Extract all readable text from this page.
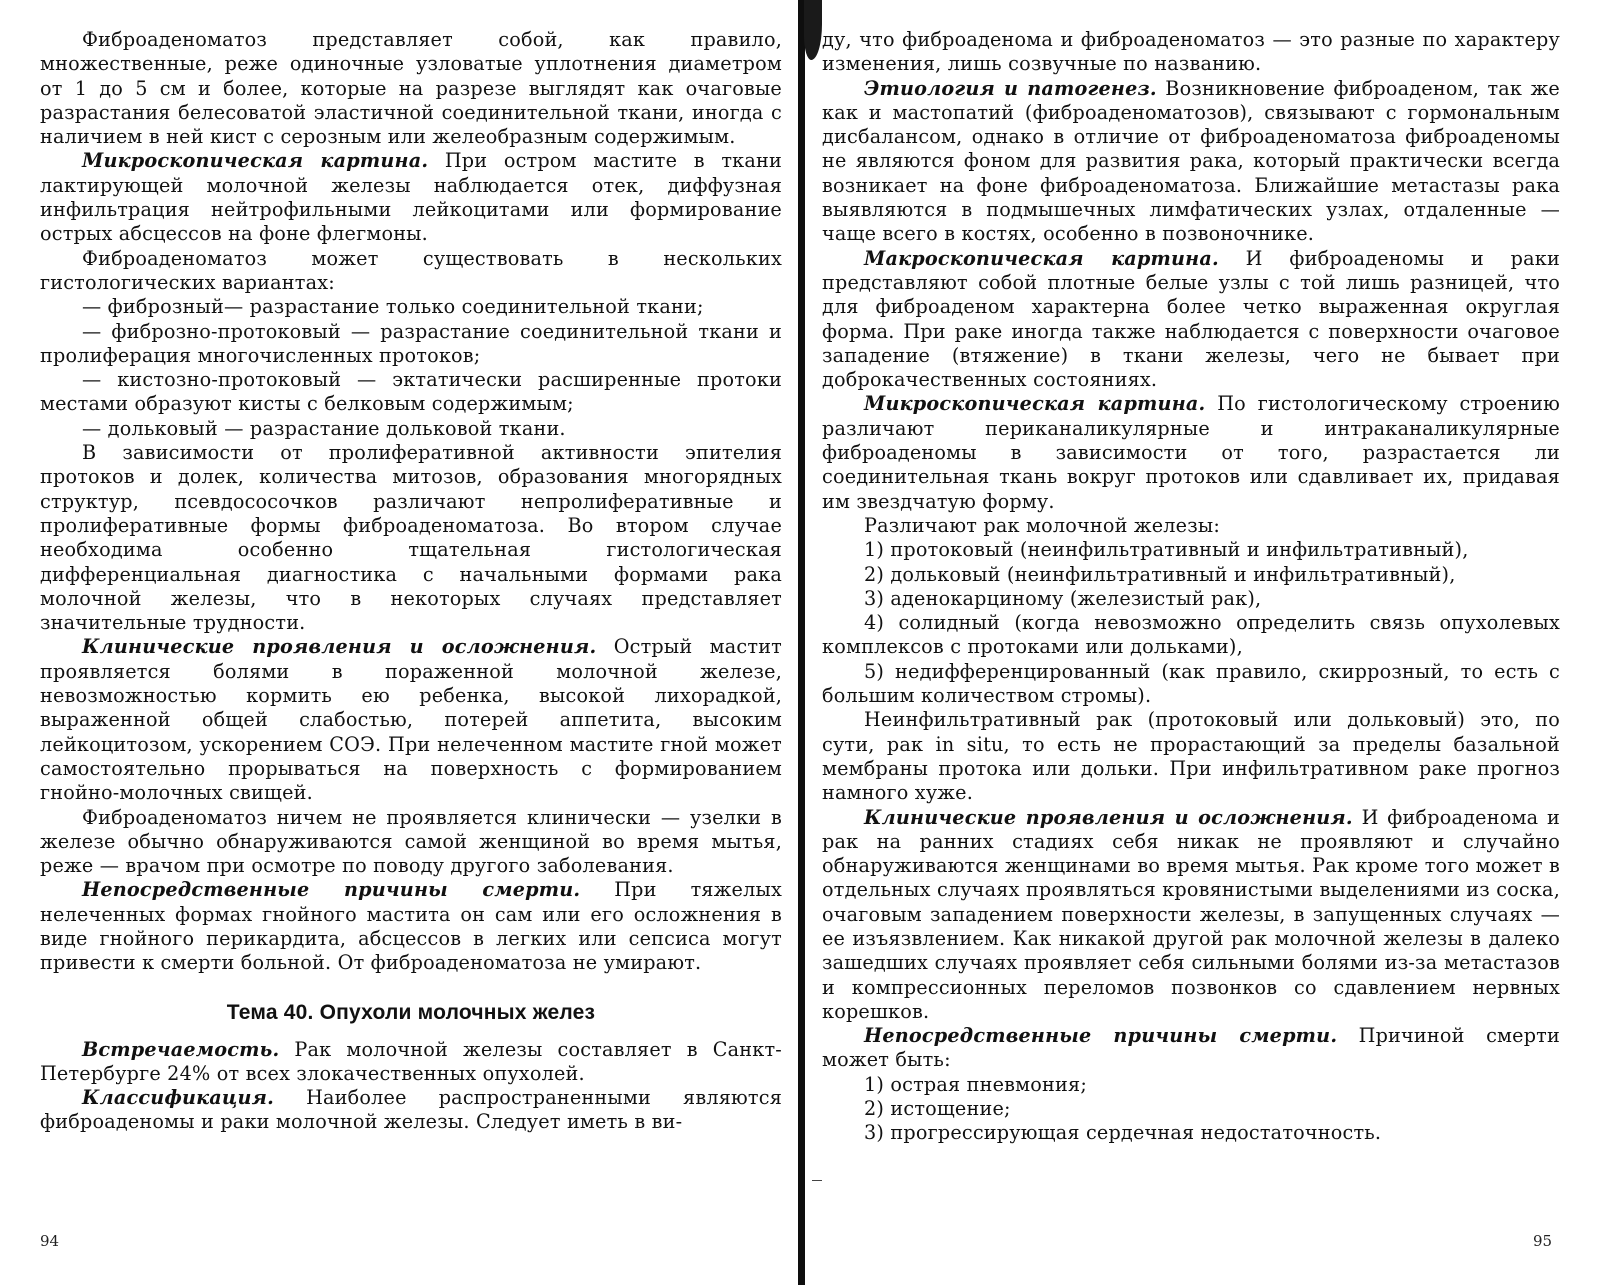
Фиброаденоматоз представляет собой, как правило, множественные, реже одиночные узловатые уплотнения диаметром от 1 до 5 см и более, которые на разрезе выглядят как очаговые разрастания белесоватой эластичной соединительной ткани, иногда с наличием в ней кист с серозным или желеобразным содержимым.

Микроскопическая картина. При остром мастите в ткани лактирующей молочной железы наблюдается отек, диффузная инфильтрация нейтрофильными лейкоцитами или формирование острых абсцессов на фоне флегмоны.

Фиброаденоматоз может существовать в нескольких гистологических вариантах:

— фиброзный— разрастание только соединительной ткани;

— фиброзно-протоковый — разрастание соединительной ткани и пролиферация многочисленных протоков;

— кистозно-протоковый — эктатически расширенные протоки местами образуют кисты с белковым содержимым;

— дольковый — разрастание дольковой ткани.

В зависимости от пролиферативной активности эпителия протоков и долек, количества митозов, образования многорядных структур, псевдососочков различают непролиферативные и пролиферативные формы фиброаденоматоза. Во втором случае необходима особенно тщательная гистологическая дифференциальная диагностика с начальными формами рака молочной железы, что в некоторых случаях представляет значительные трудности.

Клинические проявления и осложнения. Острый мастит проявляется болями в пораженной молочной железе, невозможностью кормить ею ребенка, высокой лихорадкой, выраженной общей слабостью, потерей аппетита, высоким лейкоцитозом, ускорением СОЭ. При нелеченном мастите гной может самостоятельно прорываться на поверхность с формированием гнойно-молочных свищей.

Фиброаденоматоз ничем не проявляется клинически — узелки в железе обычно обнаруживаются самой женщиной во время мытья, реже — врачом при осмотре по поводу другого заболевания.

Непосредственные причины смерти. При тяжелых нелеченных формах гнойного мастита он сам или его осложнения в виде гнойного перикардита, абсцессов в легких или сепсиса могут привести к смерти больной. От фиброаденоматоза не умирают.

Тема 40. Опухоли молочных желез

Встречаемость. Рак молочной железы составляет в Санкт-Петербурге 24% от всех злокачественных опухолей.

Классификация. Наиболее распространенными являются фиброаденомы и раки молочной железы. Следует иметь в ви-

94

ду, что фиброаденома и фиброаденоматоз — это разные по характеру изменения, лишь созвучные по названию.

Этиология и патогенез. Возникновение фиброаденом, так же как и мастопатий (фиброаденоматозов), связывают с гормональным дисбалансом, однако в отличие от фиброаденоматоза фиброаденомы не являются фоном для развития рака, который практически всегда возникает на фоне фиброаденоматоза. Ближайшие метастазы рака выявляются в подмышечных лимфатических узлах, отдаленные — чаще всего в костях, особенно в позвоночнике.

Макроскопическая картина. И фиброаденомы и раки представляют собой плотные белые узлы с той лишь разницей, что для фиброаденом характерна более четко выраженная округлая форма. При раке иногда также наблюдается с поверхности очаговое западение (втяжение) в ткани железы, чего не бывает при доброкачественных состояниях.

Микроскопическая картина. По гистологическому строению различают периканаликулярные и интраканаликулярные фиброаденомы в зависимости от того, разрастается ли соединительная ткань вокруг протоков или сдавливает их, придавая им звездчатую форму.

Различают рак молочной железы:

1) протоковый (неинфильтративный и инфильтративный),

2) дольковый (неинфильтративный и инфильтративный),

3) аденокарциному (железистый рак),

4) солидный (когда невозможно определить связь опухолевых комплексов с протоками или дольками),

5) недифференцированный (как правило, скиррозный, то есть с большим количеством стромы).

Неинфильтративный рак (протоковый или дольковый) это, по сути, рак in situ, то есть не прорастающий за пределы базальной мембраны протока или дольки. При инфильтративном раке прогноз намного хуже.

Клинические проявления и осложнения. И фиброаденома и рак на ранних стадиях себя никак не проявляют и случайно обнаруживаются женщинами во время мытья. Рак кроме того может в отдельных случаях проявляться кровянистыми выделениями из соска, очаговым западением поверхности железы, в запущенных случаях — ее изъязвлением. Как никакой другой рак молочной железы в далеко зашедших случаях проявляет себя сильными болями из-за метастазов и компрессионных переломов позвонков со сдавлением нервных корешков.

Непосредственные причины смерти. Причиной смерти может быть:

1) острая пневмония;

2) истощение;

3) прогрессирующая сердечная недостаточность.

95
